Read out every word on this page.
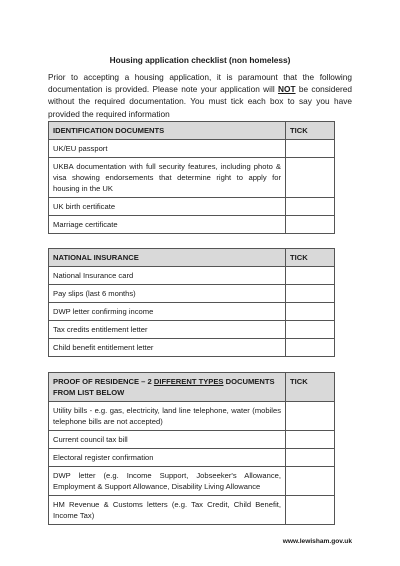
Housing application checklist (non homeless)
Prior to accepting a housing application, it is paramount that the following documentation is provided. Please note your application will NOT be considered without the required documentation. You must tick each box to say you have provided the required information
IDENTIFICATION DOCUMENTS	TICK
UK/EU passport	
UKBA documentation with full security features, including photo & visa showing endorsements that determine right to apply for housing in the UK	
UK birth certificate	
Marriage certificate	
NATIONAL INSURANCE	TICK
National Insurance card	
Pay slips (last 6 months)	
DWP letter confirming income	
Tax credits entitlement letter	
Child benefit entitlement letter	
PROOF OF RESIDENCE – 2 DIFFERENT TYPES DOCUMENTS FROM LIST BELOW	TICK
Utility bills - e.g. gas, electricity, land line telephone, water (mobiles telephone bills are not accepted)	
Current council tax bill	
Electoral register confirmation	
DWP letter (e.g. Income Support, Jobseeker's Allowance, Employment & Support Allowance, Disability Living Allowance	
HM Revenue & Customs letters (e.g. Tax Credit, Child Benefit, Income Tax)	
www.lewisham.gov.uk
